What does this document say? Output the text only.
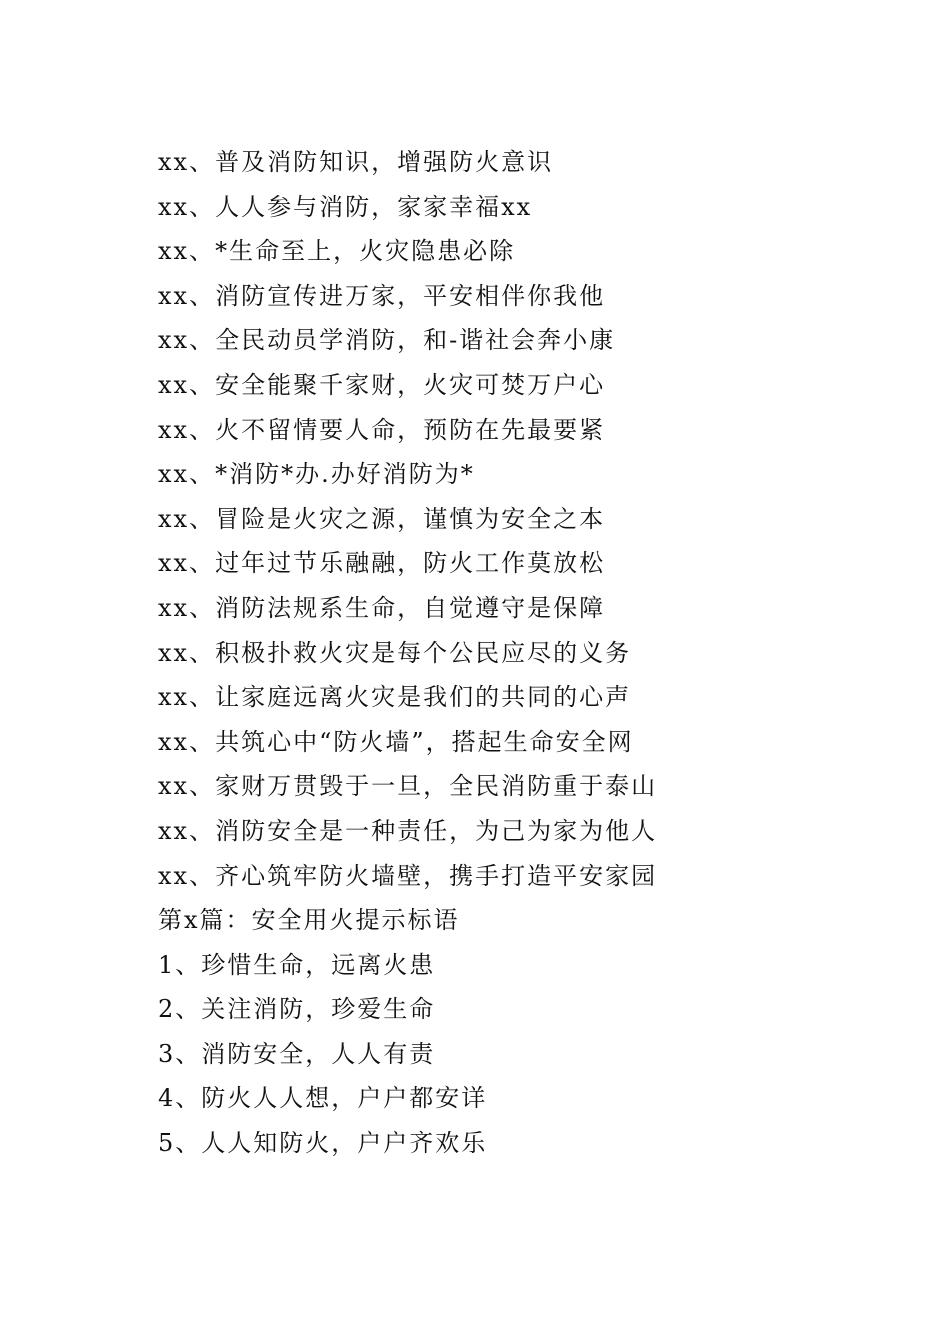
xx、普及消防知识，增强防火意识
xx、人人参与消防，家家幸福xx
xx、*生命至上，火灾隐患必除
xx、消防宣传进万家，平安相伴你我他
xx、全民动员学消防，和-谐社会奔小康
xx、安全能聚千家财，火灾可焚万户心
xx、火不留情要人命，预防在先最要紧
xx、*消防*办.办好消防为*
xx、冒险是火灾之源，谨慎为安全之本
xx、过年过节乐融融，防火工作莫放松
xx、消防法规系生命，自觉遵守是保障
xx、积极扑救火灾是每个公民应尽的义务
xx、让家庭远离火灾是我们的共同的心声
xx、共筑心中“防火墙”，搭起生命安全网
xx、家财万贯毁于一旦，全民消防重于泰山
xx、消防安全是一种责任，为己为家为他人
xx、齐心筑牢防火墙壁，携手打造平安家园
第x篇：安全用火提示标语
1、珍惜生命，远离火患
2、关注消防，珍爱生命
3、消防安全，人人有责
4、防火人人想，户户都安详
5、人人知防火，户户齐欢乐
